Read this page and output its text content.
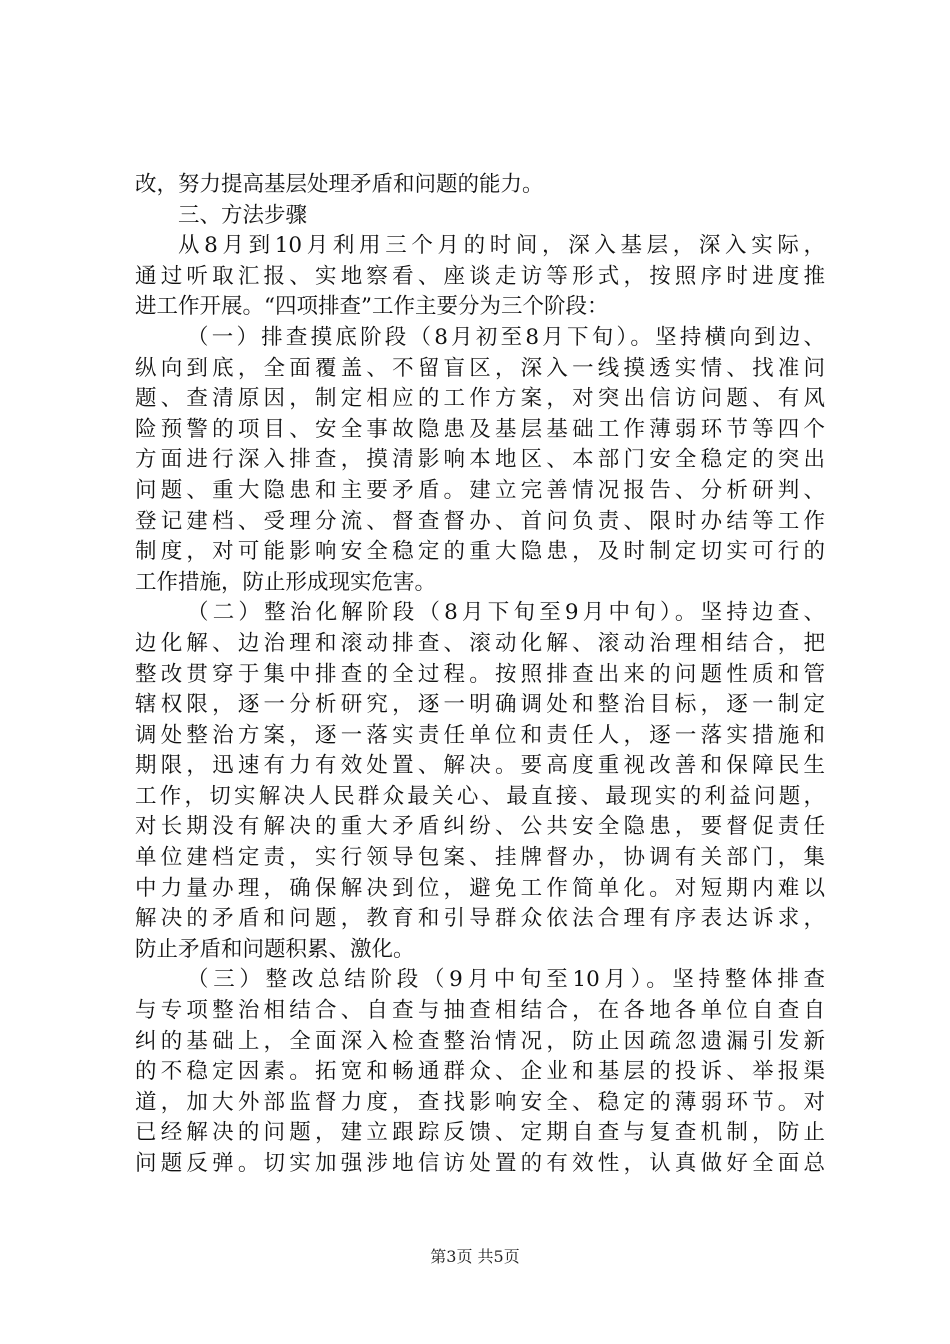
改，努力提高基层处理矛盾和问题的能力。
三、方法步骤
从8月到10月利用三个月的时间，深入基层，深入实际，
通过听取汇报、实地察看、座谈走访等形式，按照序时进度推
进工作开展。“四项排查”工作主要分为三个阶段：
（一）排查摸底阶段（8月初至8月下旬）。坚持横向到边、
纵向到底，全面覆盖、不留盲区，深入一线摸透实情、找准问
题、查清原因，制定相应的工作方案，对突出信访问题、有风
险预警的项目、安全事故隐患及基层基础工作薄弱环节等四个
方面进行深入排查，摸清影响本地区、本部门安全稳定的突出
问题、重大隐患和主要矛盾。建立完善情况报告、分析研判、
登记建档、受理分流、督查督办、首问负责、限时办结等工作
制度，对可能影响安全稳定的重大隐患，及时制定切实可行的
工作措施，防止形成现实危害。
（二）整治化解阶段（8月下旬至9月中旬）。坚持边查、
边化解、边治理和滚动排查、滚动化解、滚动治理相结合，把
整改贯穿于集中排查的全过程。按照排查出来的问题性质和管
辖权限，逐一分析研究，逐一明确调处和整治目标，逐一制定
调处整治方案，逐一落实责任单位和责任人，逐一落实措施和
期限，迅速有力有效处置、解决。要高度重视改善和保障民生
工作，切实解决人民群众最关心、最直接、最现实的利益问题，
对长期没有解决的重大矛盾纠纷、公共安全隐患，要督促责任
单位建档定责，实行领导包案、挂牌督办，协调有关部门，集
中力量办理，确保解决到位，避免工作简单化。对短期内难以
解决的矛盾和问题，教育和引导群众依法合理有序表达诉求，
防止矛盾和问题积累、激化。
（三）整改总结阶段（9月中旬至10月）。坚持整体排查
与专项整治相结合、自查与抽查相结合，在各地各单位自查自
纠的基础上，全面深入检查整治情况，防止因疏忽遗漏引发新
的不稳定因素。拓宽和畅通群众、企业和基层的投诉、举报渠
道，加大外部监督力度，查找影响安全、稳定的薄弱环节。对
已经解决的问题，建立跟踪反馈、定期自查与复查机制，防止
问题反弹。切实加强涉地信访处置的有效性，认真做好全面总
第3页 共5页
